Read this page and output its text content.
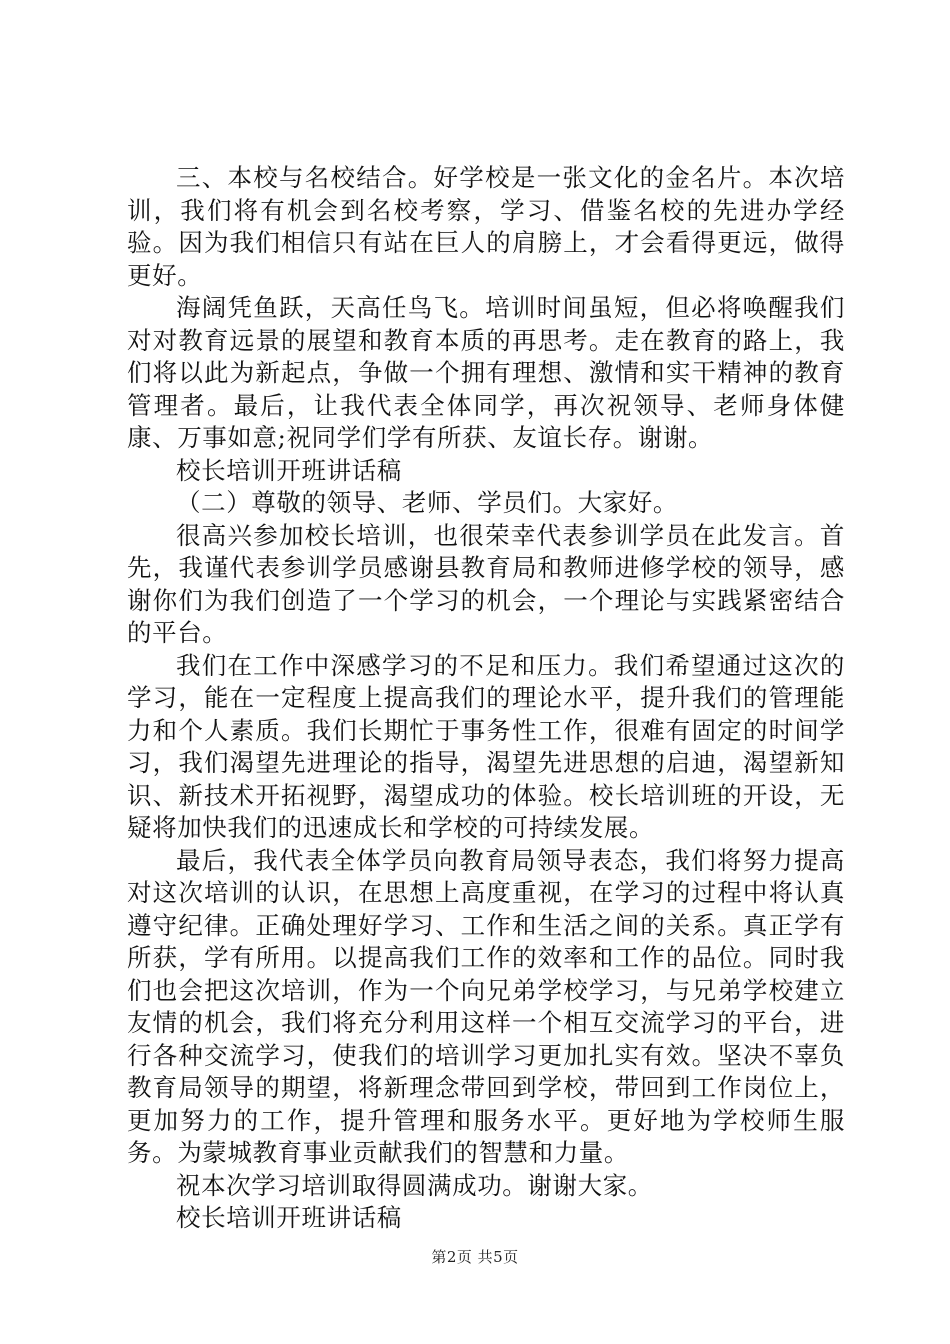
三、本校与名校结合。好学校是一张文化的金名片。本次培训，我们将有机会到名校考察，学习、借鉴名校的先进办学经验。因为我们相信只有站在巨人的肩膀上，才会看得更远，做得更好。

海阔凭鱼跃，天高任鸟飞。培训时间虽短，但必将唤醒我们对对教育远景的展望和教育本质的再思考。走在教育的路上，我们将以此为新起点，争做一个拥有理想、激情和实干精神的教育管理者。最后，让我代表全体同学，再次祝领导、老师身体健康、万事如意;祝同学们学有所获、友谊长存。谢谢。

校长培训开班讲话稿

（二）尊敬的领导、老师、学员们。大家好。

很高兴参加校长培训，也很荣幸代表参训学员在此发言。首先，我谨代表参训学员感谢县教育局和教师进修学校的领导，感谢你们为我们创造了一个学习的机会，一个理论与实践紧密结合的平台。

我们在工作中深感学习的不足和压力。我们希望通过这次的学习，能在一定程度上提高我们的理论水平，提升我们的管理能力和个人素质。我们长期忙于事务性工作，很难有固定的时间学习，我们渴望先进理论的指导，渴望先进思想的启迪，渴望新知识、新技术开拓视野，渴望成功的体验。校长培训班的开设，无疑将加快我们的迅速成长和学校的可持续发展。

最后，我代表全体学员向教育局领导表态，我们将努力提高对这次培训的认识，在思想上高度重视，在学习的过程中将认真遵守纪律。正确处理好学习、工作和生活之间的关系。真正学有所获，学有所用。以提高我们工作的效率和工作的品位。同时我们也会把这次培训，作为一个向兄弟学校学习，与兄弟学校建立友情的机会，我们将充分利用这样一个相互交流学习的平台，进行各种交流学习，使我们的培训学习更加扎实有效。坚决不辜负教育局领导的期望，将新理念带回到学校，带回到工作岗位上，更加努力的工作，提升管理和服务水平。更好地为学校师生服务。为蒙城教育事业贡献我们的智慧和力量。

祝本次学习培训取得圆满成功。谢谢大家。

校长培训开班讲话稿

第2页 共5页
